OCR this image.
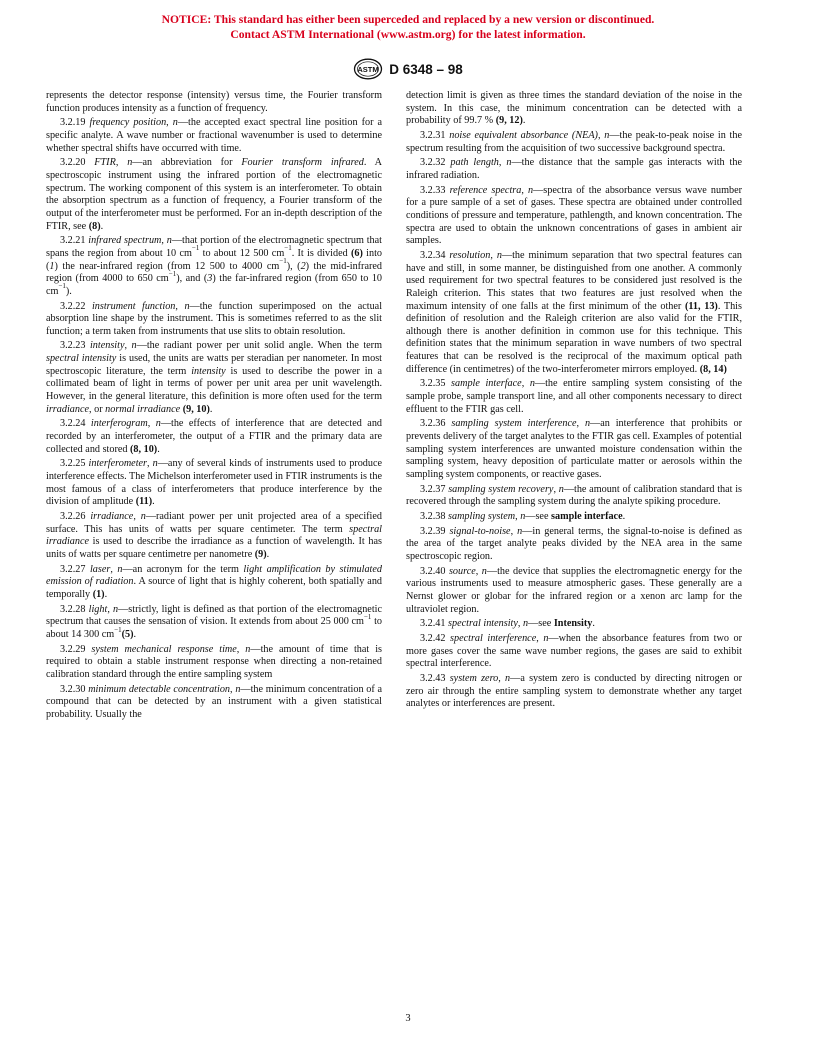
NOTICE: This standard has either been superceded and replaced by a new version or discontinued.
Contact ASTM International (www.astm.org) for the latest information.
ASTM D 6348 – 98

represents the detector response (intensity) versus time, the Fourier transform function produces intensity as a function of frequency.

3.2.19 frequency position, n—the accepted exact spectral line position for a specific analyte. A wave number or fractional wavenumber is used to determine whether spectral shifts have occurred with time.

3.2.20 FTIR, n—an abbreviation for Fourier transform infrared. A spectroscopic instrument using the infrared portion of the electromagnetic spectrum. The working component of this system is an interferometer. To obtain the absorption spectrum as a function of frequency, a Fourier transform of the output of the interferometer must be performed. For an in-depth description of the FTIR, see (8).

3.2.21 infrared spectrum, n—that portion of the electromagnetic spectrum that spans the region from about 10 $cm^{-1}$ to about 12 500 $cm^{-1}$. It is divided (6) into (1) the near-infrared region (from 12 500 to 4000 $cm^{-1}$), (2) the mid-infrared region (from 4000 to 650 $cm^{-1}$), and (3) the far-infrared region (from 650 to 10 $cm^{-1}$).

3.2.22 instrument function, n—the function superimposed on the actual absorption line shape by the instrument. This is sometimes referred to as the slit function; a term taken from instruments that use slits to obtain resolution.

3.2.23 intensity, n—the radiant power per unit solid angle. When the term spectral intensity is used, the units are watts per steradian per nanometer. In most spectroscopic literature, the term intensity is used to describe the power in a collimated beam of light in terms of power per unit area per unit wavelength. However, in the general literature, this definition is more often used for the term irradiance, or normal irradiance (9, 10).

3.2.24 interferogram, n—the effects of interference that are detected and recorded by an interferometer, the output of a FTIR and the primary data are collected and stored (8, 10).

3.2.25 interferometer, n—any of several kinds of instruments used to produce interference effects. The Michelson interferometer used in FTIR instruments is the most famous of a class of interferometers that produce interference by the division of amplitude (11).

3.2.26 irradiance, n—radiant power per unit projected area of a specified surface. This has units of watts per square centimeter. The term spectral irradiance is used to describe the irradiance as a function of wavelength. It has units of watts per square centimetre per nanometre (9).

3.2.27 laser, n—an acronym for the term light amplification by stimulated emission of radiation. A source of light that is highly coherent, both spatially and temporally (1).

3.2.28 light, n—strictly, light is defined as that portion of the electromagnetic spectrum that causes the sensation of vision. It extends from about 25 000 $cm^{-1}$ to about 14 300 $cm^{-1}(5)$.

3.2.29 system mechanical response time, n—the amount of time that is required to obtain a stable instrument response when directing a non-retained calibration standard through the entire sampling system

3.2.30 minimum detectable concentration, n—the minimum concentration of a compound that can be detected by an instrument with a given statistical probability. Usually the

detection limit is given as three times the standard deviation of the noise in the system. In this case, the minimum concentration can be detected with a probability of 99.7 % (9, 12).

3.2.31 noise equivalent absorbance (NEA), n—the peak-to-peak noise in the spectrum resulting from the acquisition of two successive background spectra.

3.2.32 path length, n—the distance that the sample gas interacts with the infrared radiation.

3.2.33 reference spectra, n—spectra of the absorbance versus wave number for a pure sample of a set of gases. These spectra are obtained under controlled conditions of pressure and temperature, pathlength, and known concentration. The spectra are used to obtain the unknown concentrations of gases in ambient air samples.

3.2.34 resolution, n—the minimum separation that two spectral features can have and still, in some manner, be distinguished from one another. A commonly used requirement for two spectral features to be considered just resolved is the Raleigh criterion. This states that two features are just resolved when the maximum intensity of one falls at the first minimum of the other (11, 13). This definition of resolution and the Raleigh criterion are also valid for the FTIR, although there is another definition in common use for this technique. This definition states that the minimum separation in wave numbers of two spectral features that can be resolved is the reciprocal of the maximum optical path difference (in centimetres) of the two-interferometer mirrors employed. (8, 14)

3.2.35 sample interface, n—the entire sampling system consisting of the sample probe, sample transport line, and all other components necessary to direct effluent to the FTIR gas cell.

3.2.36 sampling system interference, n—an interference that prohibits or prevents delivery of the target analytes to the FTIR gas cell. Examples of potential sampling system interferences are unwanted moisture condensation within the sampling system, heavy deposition of particulate matter or aerosols within the sampling system components, or reactive gases.

3.2.37 sampling system recovery, n—the amount of calibration standard that is recovered through the sampling system during the analyte spiking procedure.

3.2.38 sampling system, n—see sample interface.

3.2.39 signal-to-noise, n—in general terms, the signal-to-noise is defined as the area of the target analyte peaks divided by the NEA area in the same spectroscopic region.

3.2.40 source, n—the device that supplies the electromagnetic energy for the various instruments used to measure atmospheric gases. These generally are a Nernst glower or globar for the infrared region or a xenon arc lamp for the ultraviolet region.

3.2.41 spectral intensity, n—see Intensity.

3.2.42 spectral interference, n—when the absorbance features from two or more gases cover the same wave number regions, the gases are said to exhibit spectral interference.

3.2.43 system zero, n—a system zero is conducted by directing nitrogen or zero air through the entire sampling system to demonstrate whether any target analytes or interferences are present.

3
